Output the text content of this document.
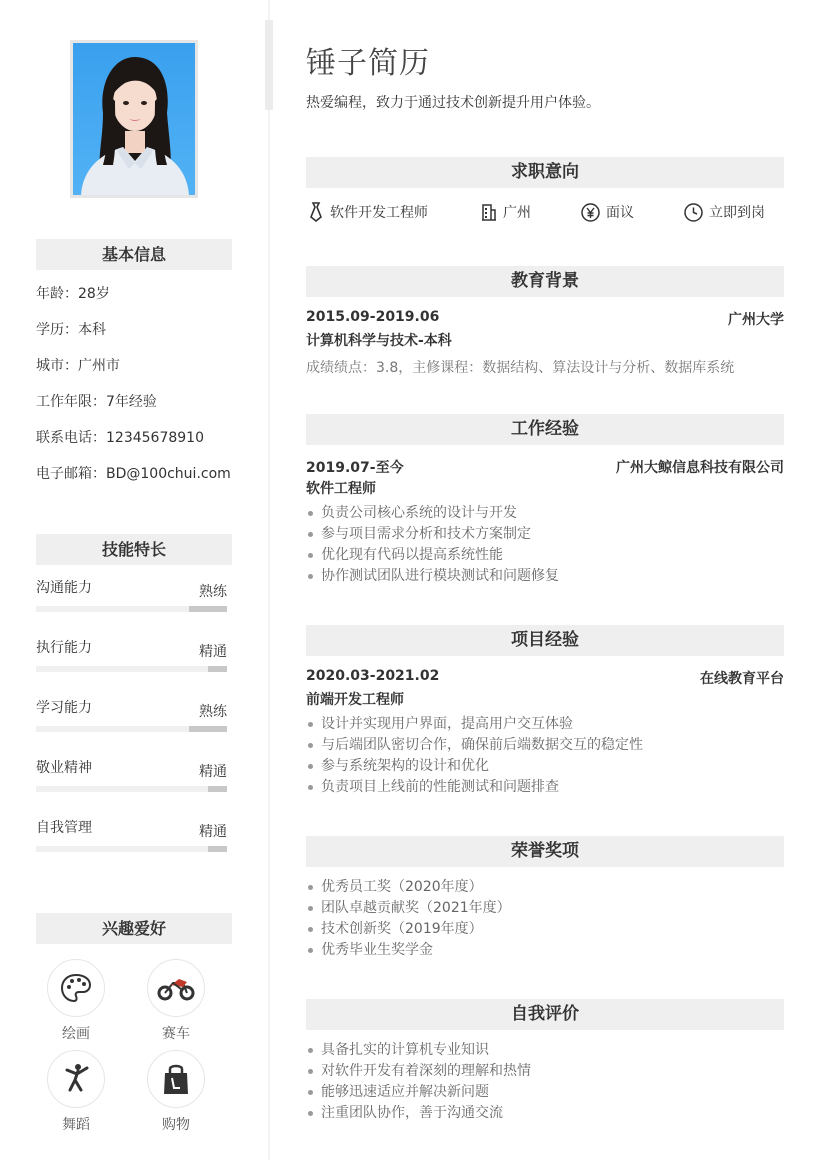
基本信息
年龄：28岁
学历：本科
城市：广州市
工作年限：7年经验
联系电话：12345678910
电子邮箱：BD@100chui.com
技能特长
沟通能力	熟练
执行能力	精通
学习能力	熟练
敬业精神	精通
自我管理	精通
兴趣爱好
绘画	赛车
舞蹈	购物
锤子简历
热爱编程，致力于通过技术创新提升用户体验。
求职意向
软件开发工程师	广州	面议	立即到岗
教育背景
2015.09-2019.06	广州大学
计算机科学与技术-本科
成绩绩点：3.8，主修课程：数据结构、算法设计与分析、数据库系统
工作经验
2019.07-至今	广州大鲸信息科技有限公司
软件工程师
负责公司核心系统的设计与开发
参与项目需求分析和技术方案制定
优化现有代码以提高系统性能
协作测试团队进行模块测试和问题修复
项目经验
2020.03-2021.02	在线教育平台
前端开发工程师
设计并实现用户界面，提高用户交互体验
与后端团队密切合作，确保前后端数据交互的稳定性
参与系统架构的设计和优化
负责项目上线前的性能测试和问题排查
荣誉奖项
优秀员工奖（2020年度）
团队卓越贡献奖（2021年度）
技术创新奖（2019年度）
优秀毕业生奖学金
自我评价
具备扎实的计算机专业知识
对软件开发有着深刻的理解和热情
能够迅速适应并解决新问题
注重团队协作，善于沟通交流
